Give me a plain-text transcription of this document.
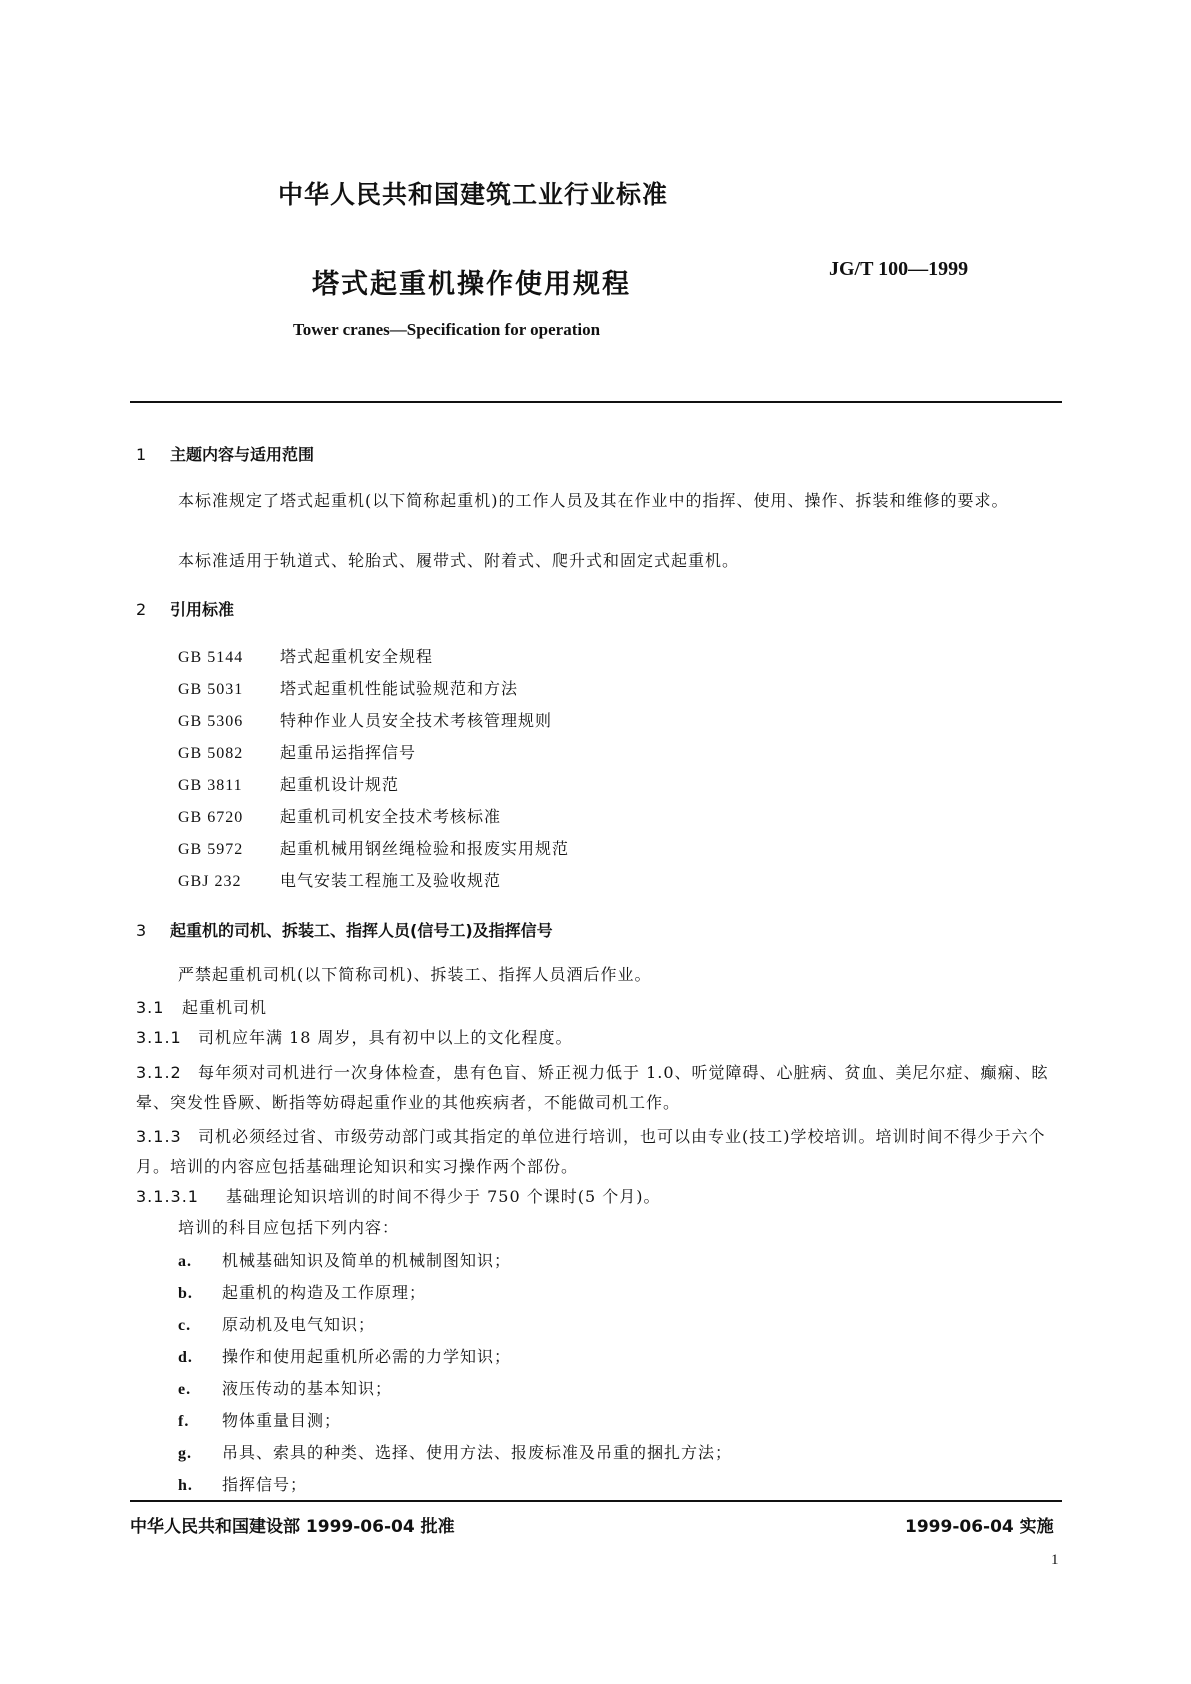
中华人民共和国建筑工业行业标准
塔式起重机操作使用规程	JG/T 100—1999
Tower cranes—Specification for operation
1 主题内容与适用范围
本标准规定了塔式起重机(以下简称起重机)的工作人员及其在作业中的指挥、使用、操作、拆装和维修的要求。
本标准适用于轨道式、轮胎式、履带式、附着式、爬升式和固定式起重机。
2 引用标准
GB 5144 塔式起重机安全规程
GB 5031 塔式起重机性能试验规范和方法
GB 5306 特种作业人员安全技术考核管理规则
GB 5082 起重吊运指挥信号
GB 3811 起重机设计规范
GB 6720 起重机司机安全技术考核标准
GB 5972 起重机械用钢丝绳检验和报废实用规范
GBJ 232 电气安装工程施工及验收规范
3 起重机的司机、拆装工、指挥人员(信号工)及指挥信号
严禁起重机司机(以下简称司机)、拆装工、指挥人员酒后作业。
3.1 起重机司机
3.1.1 司机应年满 18 周岁，具有初中以上的文化程度。
3.1.2 每年须对司机进行一次身体检查，患有色盲、矫正视力低于 1.0、听觉障碍、心脏病、贫血、美尼尔症、癫痫、眩晕、突发性昏厥、断指等妨碍起重作业的其他疾病者，不能做司机工作。
3.1.3 司机必须经过省、市级劳动部门或其指定的单位进行培训，也可以由专业(技工)学校培训。培训时间不得少于六个月。培训的内容应包括基础理论知识和实习操作两个部份。
3.1.3.1 基础理论知识培训的时间不得少于 750 个课时(5 个月)。
培训的科目应包括下列内容：
a. 机械基础知识及简单的机械制图知识；
b. 起重机的构造及工作原理；
c. 原动机及电气知识；
d. 操作和使用起重机所必需的力学知识；
e. 液压传动的基本知识；
f. 物体重量目测；
g. 吊具、索具的种类、选择、使用方法、报废标准及吊重的捆扎方法；
h. 指挥信号；
中华人民共和国建设部 1999-06-04 批准	1999-06-04 实施
1
